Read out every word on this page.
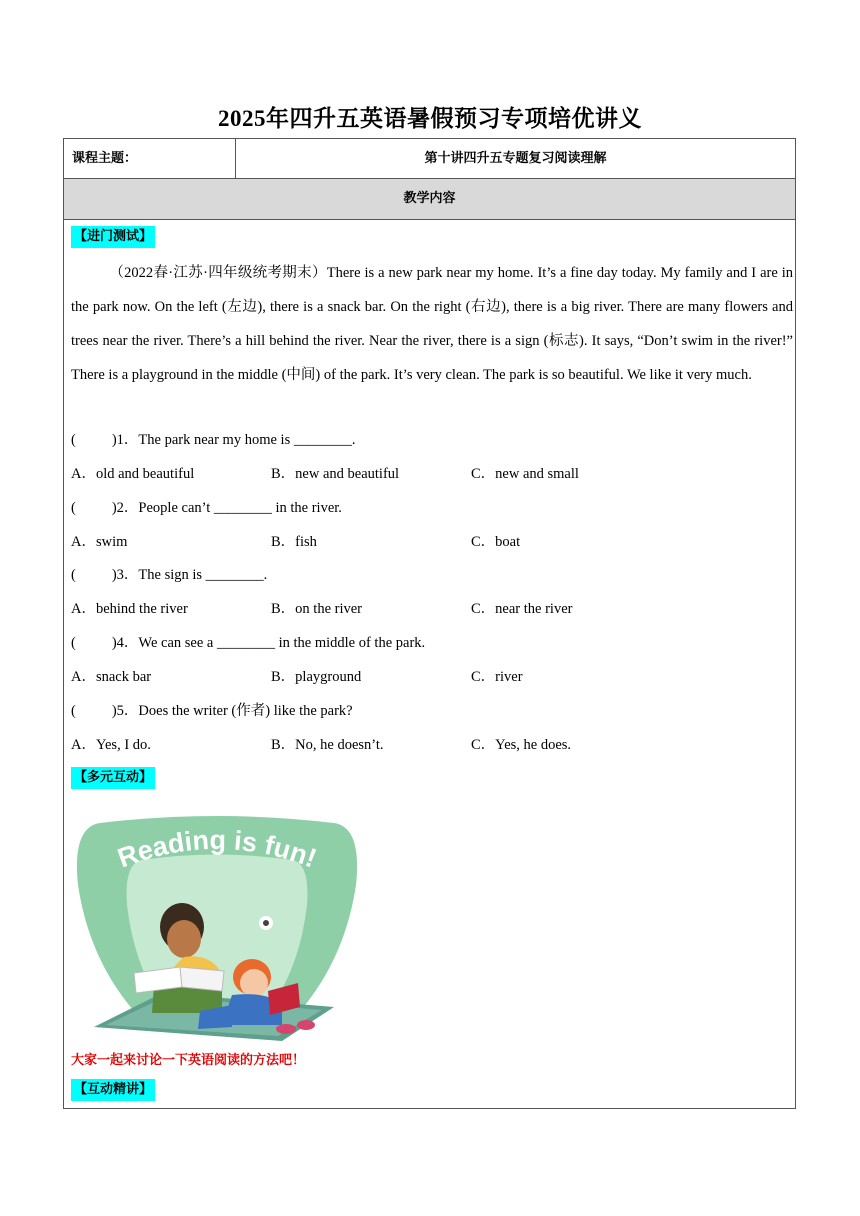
2025年四升五英语暑假预习专项培优讲义
课程主题：	第十讲四升五专题复习阅读理解
教学内容
【进门测试】
（2022春·江苏·四年级统考期末）There is a new park near my home. It’s a fine day today. My family and I are in the park now. On the left (左边), there is a snack bar. On the right (右边), there is a big river. There are many flowers and trees near the river. There’s a hill behind the river. Near the river, there is a sign (标志). It says, “Don’t swim in the river!” There is a playground in the middle (中间) of the park. It’s very clean. The park is so beautiful. We like it very much.
( )1．The park near my home is ________.
A．old and beautiful	B．new and beautiful	C．new and small
( )2．People can’t ________ in the river.
A．swim	B．fish	C．boat
( )3．The sign is ________.
A．behind the river	B．on the river	C．near the river
( )4．We can see a ________ in the middle of the park.
A．snack bar	B．playground	C．river
( )5．Does the writer (作者) like the park?
A．Yes, I do.	B．No, he doesn’t.	C．Yes, he does.
【多元互动】
Reading is fun!
大家一起来讨论一下英语阅读的方法吧！
【互动精讲】
